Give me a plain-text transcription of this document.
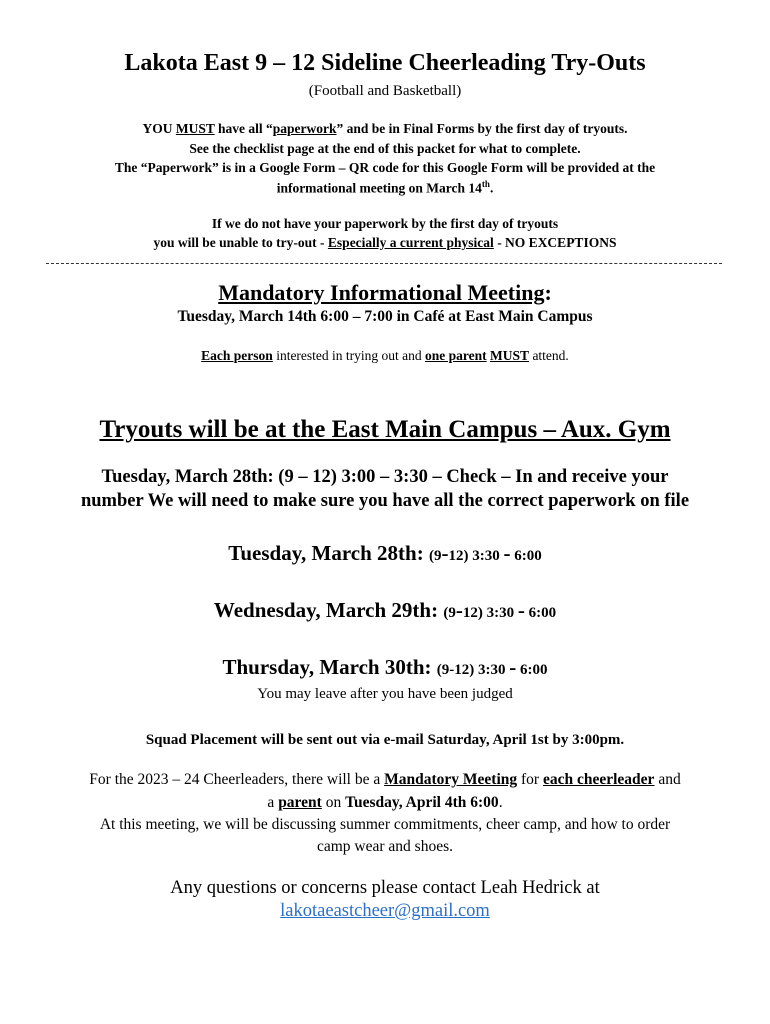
Lakota East 9 – 12 Sideline Cheerleading Try-Outs
(Football and Basketball)
YOU MUST have all “paperwork” and be in Final Forms by the first day of tryouts.
See the checklist page at the end of this packet for what to complete.
The “Paperwork” is in a Google Form – QR code for this Google Form will be provided at the
informational meeting on March 14th.
If we do not have your paperwork by the first day of tryouts
you will be unable to try-out - Especially a current physical - NO EXCEPTIONS
Mandatory Informational Meeting:
Tuesday, March 14th 6:00 – 7:00 in Café at East Main Campus
Each person interested in trying out and one parent MUST attend.
Tryouts will be at the East Main Campus – Aux. Gym
Tuesday, March 28th: (9 – 12) 3:00 – 3:30 – Check – In and receive your
number We will need to make sure you have all the correct paperwork on file
Tuesday, March 28th: (9-12) 3:30 - 6:00
Wednesday, March 29th: (9-12) 3:30 - 6:00
Thursday, March 30th: (9-12) 3:30 - 6:00
You may leave after you have been judged
Squad Placement will be sent out via e-mail Saturday, April 1st by 3:00pm.
For the 2023 – 24 Cheerleaders, there will be a Mandatory Meeting for each cheerleader and
a parent on Tuesday, April 4th 6:00.
At this meeting, we will be discussing summer commitments, cheer camp, and how to order
camp wear and shoes.
Any questions or concerns please contact Leah Hedrick at
lakotaeastcheer@gmail.com
